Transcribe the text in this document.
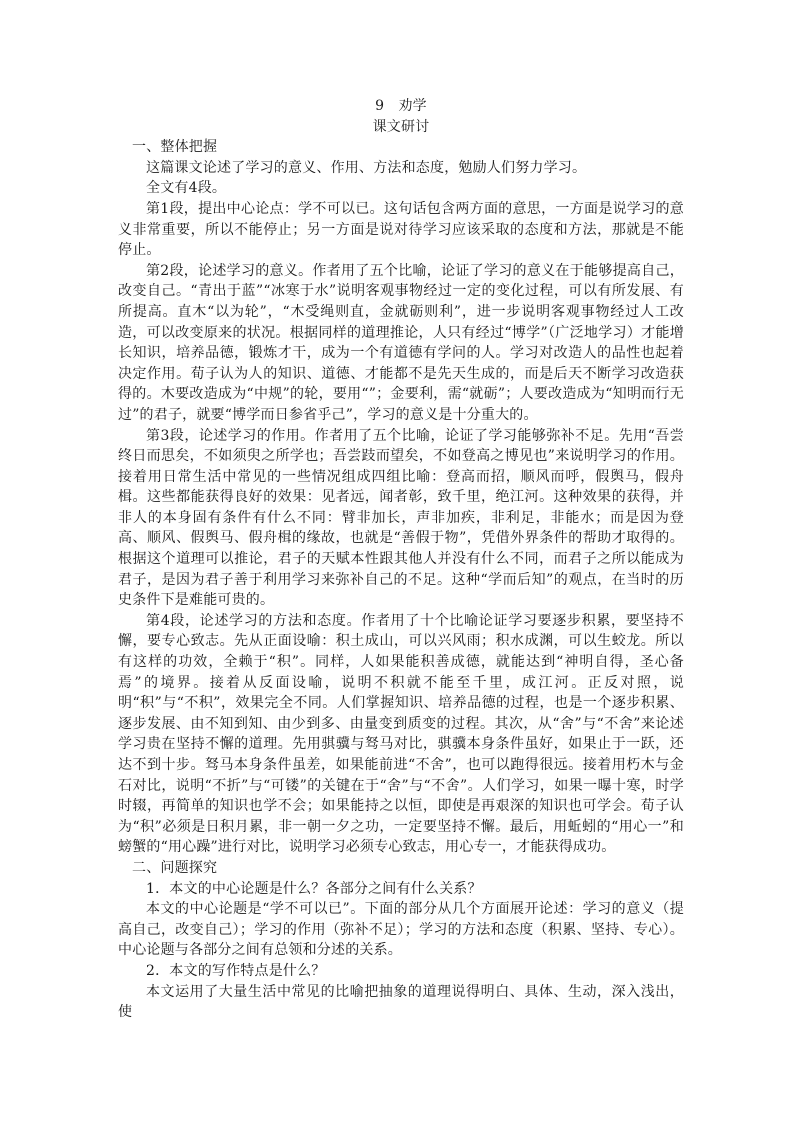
9　劝学

课文研讨

一、整体把握

这篇课文论述了学习的意义、作用、方法和态度，勉励人们努力学习。

全文有4段。

第1段，提出中心论点：学不可以已。这句话包含两方面的意思，一方面是说学习的意义非常重要，所以不能停止；另一方面是说对待学习应该采取的态度和方法，那就是不能停止。

第2段，论述学习的意义。作者用了五个比喻，论证了学习的意义在于能够提高自己，改变自己。“青出于蓝”“冰寒于水”说明客观事物经过一定的变化过程，可以有所发展、有所提高。直木“以为轮”，“木受绳则直，金就砺则利”，进一步说明客观事物经过人工改造，可以改变原来的状况。根据同样的道理推论，人只有经过“博学”（广泛地学习）才能增长知识，培养品德，锻炼才干，成为一个有道德有学问的人。学习对改造人的品性也起着决定作用。荀子认为人的知识、道德、才能都不是先天生成的，而是后天不断学习改造获得的。木要改造成为“中规”的轮，要用“”；金要利，需“就砺”；人要改造成为“知明而行无过”的君子，就要“博学而日参省乎己”，学习的意义是十分重大的。

第3段，论述学习的作用。作者用了五个比喻，论证了学习能够弥补不足。先用“吾尝终日而思矣，不如须臾之所学也；吾尝跂而望矣，不如登高之博见也”来说明学习的作用。接着用日常生活中常见的一些情况组成四组比喻：登高而招，顺风而呼，假舆马，假舟楫。这些都能获得良好的效果：见者远，闻者彰，致千里，绝江河。这种效果的获得，并非人的本身固有条件有什么不同：臂非加长，声非加疾，非利足，非能水；而是因为登高、顺风、假舆马、假舟楫的缘故，也就是“善假于物”，凭借外界条件的帮助才取得的。根据这个道理可以推论，君子的天赋本性跟其他人并没有什么不同，而君子之所以能成为君子，是因为君子善于利用学习来弥补自己的不足。这种“学而后知”的观点，在当时的历史条件下是难能可贵的。

第4段，论述学习的方法和态度。作者用了十个比喻论证学习要逐步积累，要坚持不懈，要专心致志。先从正面设喻：积土成山，可以兴风雨；积水成渊，可以生蛟龙。所以有这样的功效，全赖于“积”。同样，人如果能积善成德，就能达到“神明自得，圣心备焉”的境界。接着从反面设喻，说明不积就不能至千里，成江河。正反对照，说明“积”与“不积”，效果完全不同。人们掌握知识、培养品德的过程，也是一个逐步积累、逐步发展、由不知到知、由少到多、由量变到质变的过程。其次，从“舍”与“不舍”来论述学习贵在坚持不懈的道理。先用骐骥与驽马对比，骐骥本身条件虽好，如果止于一跃，还达不到十步。驽马本身条件虽差，如果能前进“不舍”，也可以跑得很远。接着用朽木与金石对比，说明“不折”与“可镂”的关键在于“舍”与“不舍”。人们学习，如果一曝十寒，时学时辍，再简单的知识也学不会；如果能持之以恒，即使是再艰深的知识也可学会。荀子认为“积”必须是日积月累，非一朝一夕之功，一定要坚持不懈。最后，用蚯蚓的“用心一”和螃蟹的“用心躁”进行对比，说明学习必须专心致志，用心专一，才能获得成功。

二、问题探究

1．本文的中心论题是什么？各部分之间有什么关系？

本文的中心论题是“学不可以已”。下面的部分从几个方面展开论述：学习的意义（提高自己，改变自己）；学习的作用（弥补不足）；学习的方法和态度（积累、坚持、专心）。中心论题与各部分之间有总领和分述的关系。

2．本文的写作特点是什么？

本文运用了大量生活中常见的比喻把抽象的道理说得明白、具体、生动，深入浅出，使
